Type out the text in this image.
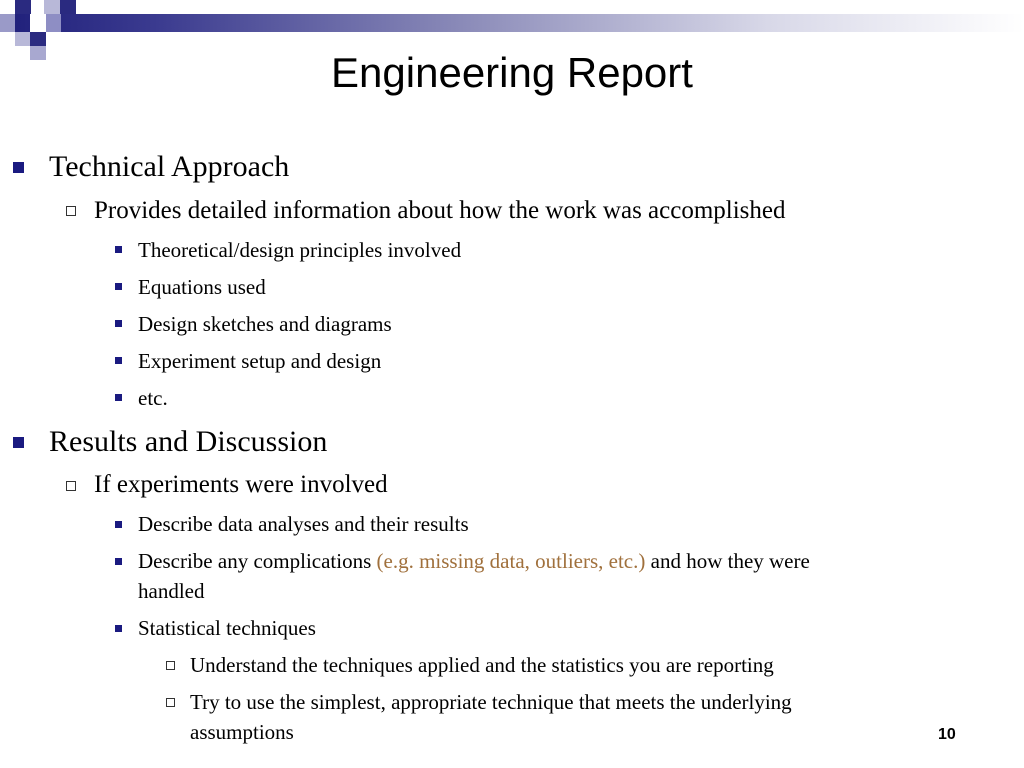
Engineering Report
Technical Approach
Provides detailed information about how the work was accomplished
Theoretical/design principles involved
Equations used
Design sketches and diagrams
Experiment setup and design
etc.
Results and Discussion
If experiments were involved
Describe data analyses and their results
Describe any complications (e.g. missing data, outliers, etc.) and how they were
handled
Statistical techniques
Understand the techniques applied and the statistics you are reporting
Try to use the simplest, appropriate technique that meets the underlying
assumptions	10
